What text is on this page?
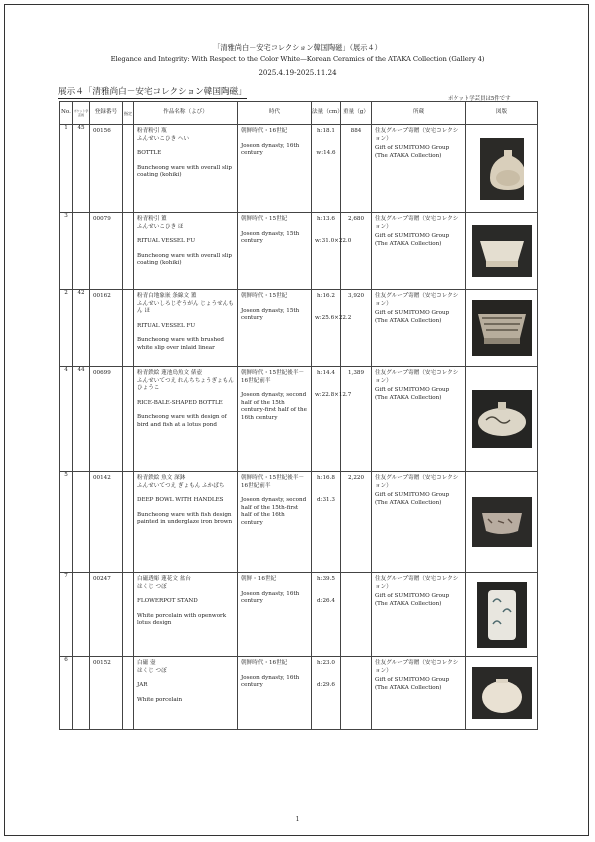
「清雅尚白－安宅コレクション韓国陶磁」（展示４）
Elegance and Integrity: With Respect to the Color White—Korean Ceramics of the ATAKA Collection (Gallery 4)
2025.4.19-2025.11.24
展示４「清雅尚白－安宅コレクション韓国陶磁」
ポケット学芸員は5件です
No.	ポケット学芸員	登録番号	指定	作品名称（よび）	時代	法量（cm）	重量（g）	所蔵	図版
1	45	00156		粉青粉引 瓶
ふんせいこひき へい
BOTTLE
Buncheong ware with overall slip coating (kohiki)	朝鮮時代・16世紀
Joseon dynasty, 16th century	h:18.1
w:14.6	884	住友グループ寄贈（安宅コレクション）
Gift of SUMITOMO Group (The ATAKA Collection)

3		00079		粉青粉引 簠
ふんせいこひき ほ
RITUAL VESSEL FU
Buncheong ware with overall slip coating (kohiki)	朝鮮時代・15世紀
Joseon dynasty, 15th century	h:13.6
w:31.0×22.0	2,680	住友グループ寄贈（安宅コレクション）
Gift of SUMITOMO Group (The ATAKA Collection)

2	42	00162		粉青白地象嵌 条線文 簠
ふんせいしろじぞうがん じょうせんもん ほ
RITUAL VESSEL FU
Buncheong ware with brushed white slip over inlaid linear	朝鮮時代・15世紀
Joseon dynasty, 15th century	h:16.2
w:25.6×22.2	3,920	住友グループ寄贈（安宅コレクション）
Gift of SUMITOMO Group (The ATAKA Collection)

4	44	00699		粉青鉄絵 蓮池鳥魚文 俵壺
ふんせいてつえ れんちちょうぎょもん ひょうこ
RICE-BALE-SHAPED BOTTLE
Buncheong ware with design of bird and fish at a lotus pond	朝鮮時代・15世紀後半－16世紀前半
Joseon dynasty, second half of the 15th century-first half of the 16th century	h:14.4
w:22.8×12.7	1,389	住友グループ寄贈（安宅コレクション）
Gift of SUMITOMO Group (The ATAKA Collection)

5		00142		粉青鉄絵 魚文 深鉢
ふんせいてつえ ぎょもん ふかばち
DEEP BOWL WITH HANDLES
Buncheong ware with fish design painted in underglaze iron brown	朝鮮時代・15世紀後半－16世紀前半
Joseon dynasty, second half of the 15th-first half of the 16th century	h:16.8
d:31.3	2,220	住友グループ寄贈（安宅コレクション）
Gift of SUMITOMO Group (The ATAKA Collection)

7		00247		白磁透彫 蓮花文 盆台
はくじ つぼ
FLOWERPOT STAND
White porcelain with openwork lotus design	朝鮮・16世紀
Joseon dynasty, 16th century	h:39.5
d:26.4		住友グループ寄贈（安宅コレクション）
Gift of SUMITOMO Group (The ATAKA Collection)

6		00152		白磁 壺
はくじ つぼ
JAR
White porcelain	朝鮮時代・16世紀
Joseon dynasty, 16th century	h:23.0
d:29.6		住友グループ寄贈（安宅コレクション）
Gift of SUMITOMO Group (The ATAKA Collection)

1
